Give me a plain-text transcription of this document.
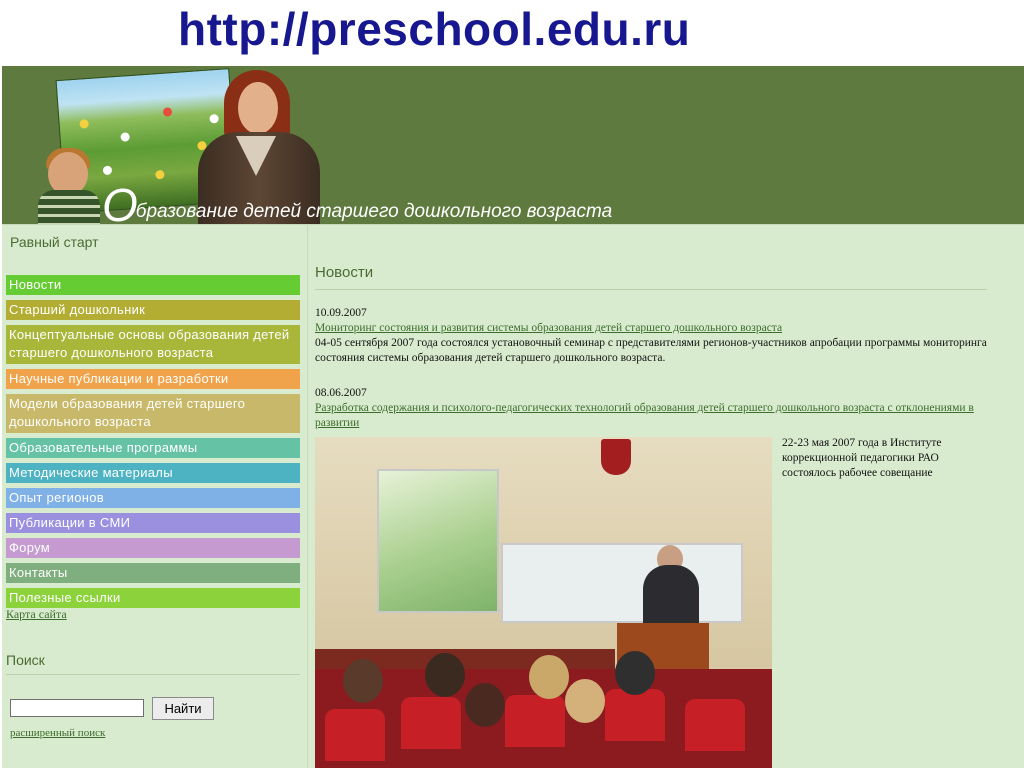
http://preschool.edu.ru
Образование детей старшего дошкольного возраста
Равный старт
Новости
Старший дошкольник
Концептуальные основы образования детей старшего дошкольного возраста
Научные публикации и разработки
Модели образования детей старшего дошкольного возраста
Образовательные программы
Методические материалы
Опыт регионов
Публикации в СМИ
Форум
Контакты
Полезные ссылки
Карта сайта
Поиск
Найти
расширенный поиск
Новости
10.09.2007
Мониторинг состояния и развития системы образования детей старшего дошкольного возраста
04-05 сентября 2007 года состоялся установочный семинар с представителями регионов-участников апробации программы мониторинга состояния системы образования детей старшего дошкольного возраста.
08.06.2007
Разработка содержания и психолого-педагогических технологий образования детей старшего дошкольного возраста с отклонениями в развитии
22-23 мая 2007 года в Институте коррекционной педагогики РАО состоялось рабочее совещание
